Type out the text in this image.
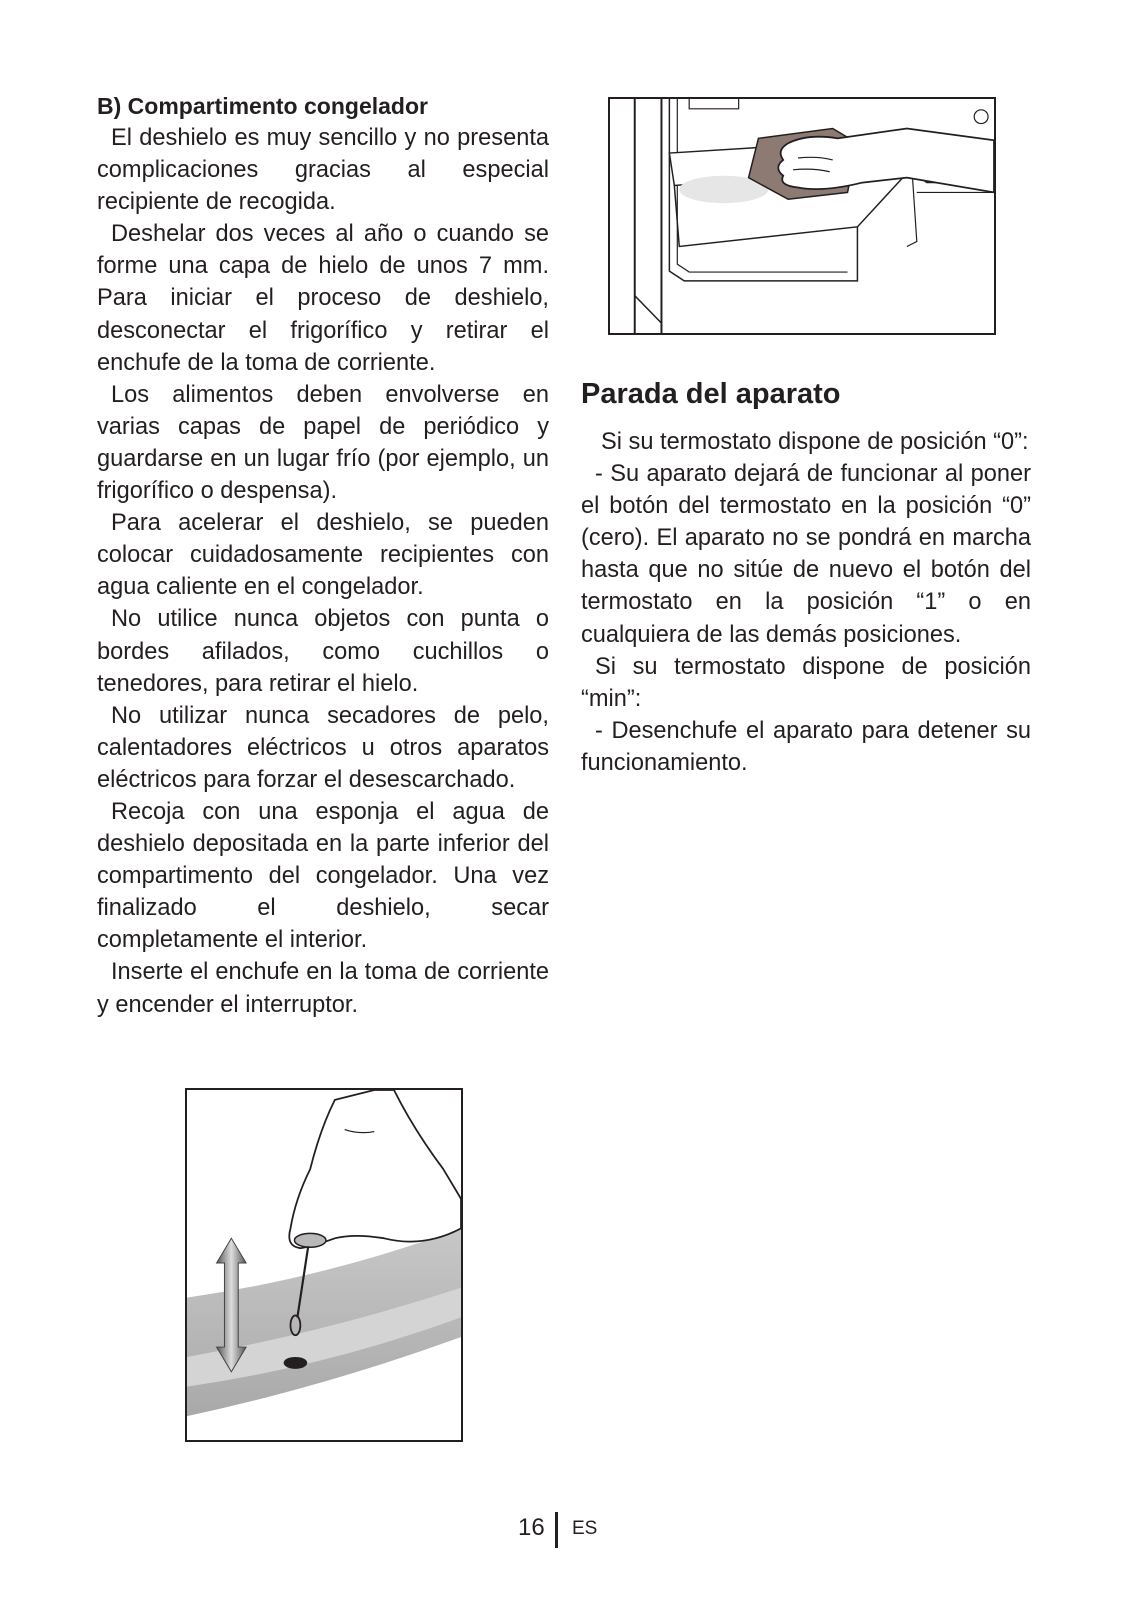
B) Compartimento congelador

El deshielo es muy sencillo y no presenta complicaciones gracias al especial recipiente de recogida.

Deshelar dos veces al año o cuando se forme una capa de hielo de unos 7 mm. Para iniciar el proceso de deshielo, desconectar el frigorífico y retirar el enchufe de la toma de corriente.

Los alimentos deben envolverse en varias capas de papel de periódico y guardarse en un lugar frío (por ejemplo, un frigorífico o despensa).

Para acelerar el deshielo, se pueden colocar cuidadosamente recipientes con agua caliente en el congelador.

No utilice nunca objetos con punta o bordes afilados, como cuchillos o tenedores, para retirar el hielo.

No utilizar nunca secadores de pelo, calentadores eléctricos u otros aparatos eléctricos para forzar el desescarchado.

Recoja con una esponja el agua de deshielo depositada en la parte inferior del compartimento del congelador. Una vez finalizado el deshielo, secar completamente el interior.

Inserte el enchufe en la toma de corriente y encender el interruptor.

Parada del aparato

Si su termostato dispone de posición “0”:

- Su aparato dejará de funcionar al poner el botón del termostato en la posición “0” (cero). El aparato no se pondrá en marcha hasta que no sitúe de nuevo el botón del termostato en la posición “1” o en cualquiera de las demás posiciones.

Si su termostato dispone de posición “min”:

- Desenchufe el aparato para detener su funcionamiento.

16 ES
